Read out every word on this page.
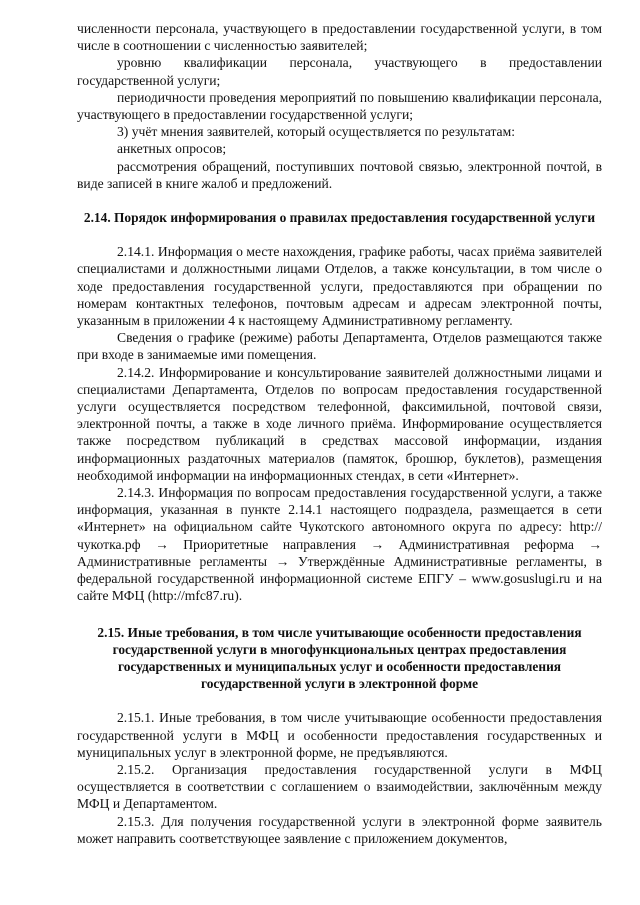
численности персонала, участвующего в предоставлении государственной услуги, в том числе в соотношении с численностью заявителей;

уровню квалификации персонала, участвующего в предоставлении государственной услуги;

периодичности проведения мероприятий по повышению квалификации персонала, участвующего в предоставлении государственной услуги;

3) учёт мнения заявителей, который осуществляется по результатам:

анкетных опросов;

рассмотрения обращений, поступивших почтовой связью, электронной почтой, в виде записей в книге жалоб и предложений.

2.14. Порядок информирования о правилах предоставления государственной услуги

2.14.1. Информация о месте нахождения, графике работы, часах приёма заявителей специалистами и должностными лицами Отделов, а также консультации, в том числе о ходе предоставления государственной услуги, предоставляются при обращении по номерам контактных телефонов, почтовым адресам и адресам электронной почты, указанным в приложении 4 к настоящему Административному регламенту.

Сведения о графике (режиме) работы Департамента, Отделов размещаются также при входе в занимаемые ими помещения.

2.14.2. Информирование и консультирование заявителей должностными лицами и специалистами Департамента, Отделов по вопросам предоставления государственной услуги осуществляется посредством телефонной, факсимильной, почтовой связи, электронной почты, а также в ходе личного приёма. Информирование осуществляется также посредством публикаций в средствах массовой информации, издания информационных раздаточных материалов (памяток, брошюр, буклетов), размещения необходимой информации на информационных стендах, в сети «Интернет».

2.14.3. Информация по вопросам предоставления государственной услуги, а также информация, указанная в пункте 2.14.1 настоящего подраздела, размещается в сети «Интернет» на официальном сайте Чукотского автономного округа по адресу: http://чукотка.рф → Приоритетные направления → Административная реформа → Административные регламенты → Утверждённые Административные регламенты, в федеральной государственной информационной системе ЕПГУ – www.gosuslugi.ru и на сайте МФЦ (http://mfc87.ru).

2.15. Иные требования, в том числе учитывающие особенности предоставления государственной услуги в многофункциональных центрах предоставления государственных и муниципальных услуг и особенности предоставления государственной услуги в электронной форме

2.15.1. Иные требования, в том числе учитывающие особенности предоставления государственной услуги в МФЦ и особенности предоставления государственных и муниципальных услуг в электронной форме, не предъявляются.

2.15.2. Организация предоставления государственной услуги в МФЦ осуществляется в соответствии с соглашением о взаимодействии, заключённым между МФЦ и Департаментом.

2.15.3. Для получения государственной услуги в электронной форме заявитель может направить соответствующее заявление с приложением документов,
